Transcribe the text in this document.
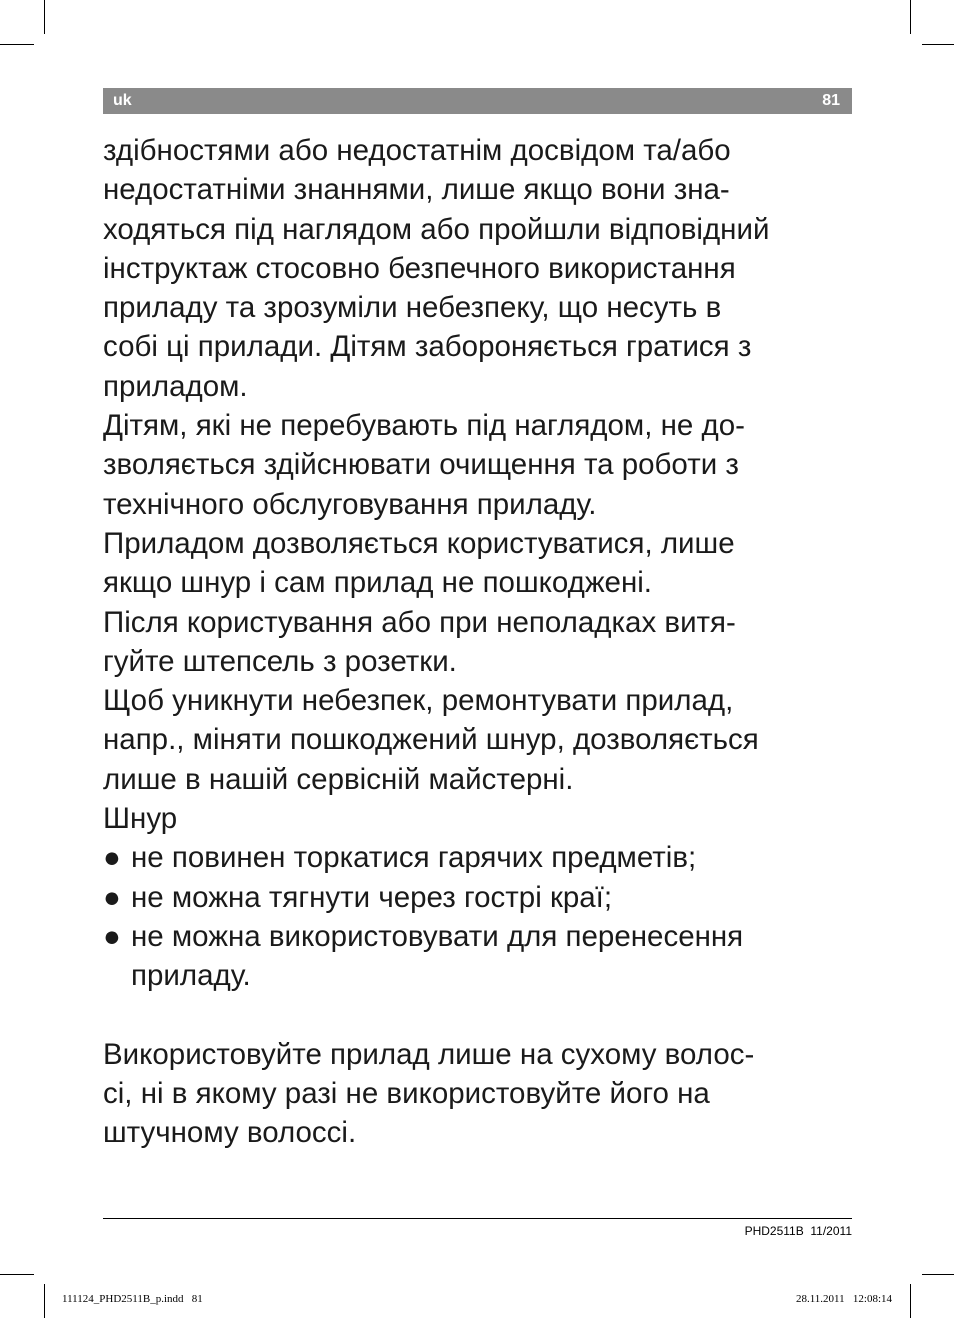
uk	81
здібностями або недостатнім досвідом та/або
недостатніми знаннями, лише якщо вони зна-
ходяться під наглядом або пройшли відповідний
інструктаж стосовно безпечного використання
приладу та зрозуміли небезпеку, що несуть в
собі ці прилади. Дітям забороняється гратися з
приладом.
Дітям, які не перебувають під наглядом, не до-
зволяється здійснювати очищення та роботи з
технічного обслуговування приладу.
Приладом дозволяється користуватися, лише
якщо шнур і сам прилад не пошкоджені.
Після користування або при неполадках витя-
гуйте штепсель з розетки.
Щоб уникнути небезпек, ремонтувати прилад,
напр., міняти пошкоджений шнур, дозволяється
лише в нашій сервісній майстерні.
Шнур
● не повинен торкатися гарячих предметів;
● не можна тягнути через гострі краї;
● не можна використовувати для перенесення
приладу.
Використовуйте прилад лише на сухому волос-
сі, ні в якому разі не використовуйте його на
штучному волоссі.
PHD2511B  11/2011
111124_PHD2511B_p.indd   81	28.11.2011   12:08:14
